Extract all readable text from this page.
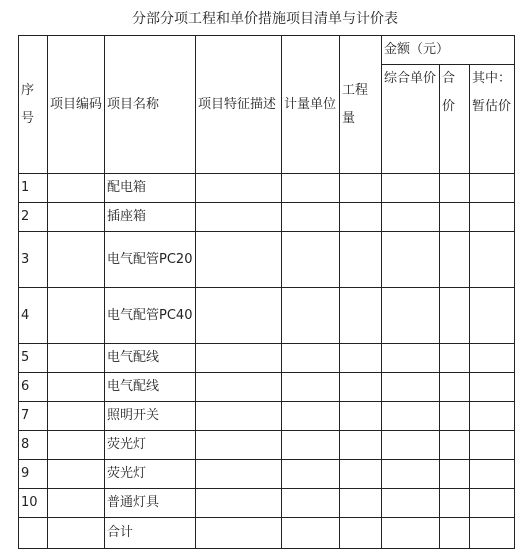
分部分项工程和单价措施项目清单与计价表
序号	项目编码	项目名称	项目特征描述	计量单位	工程量	金额（元）		
						综合单价	合价	其中：暂估价
1		配电箱						
2		插座箱						
3		电气配管PC20						
4		电气配管PC40						
5		电气配线						
6		电气配线						
7		照明开关						
8		荧光灯						
9		荧光灯						
10		普通灯具						
		合计						
